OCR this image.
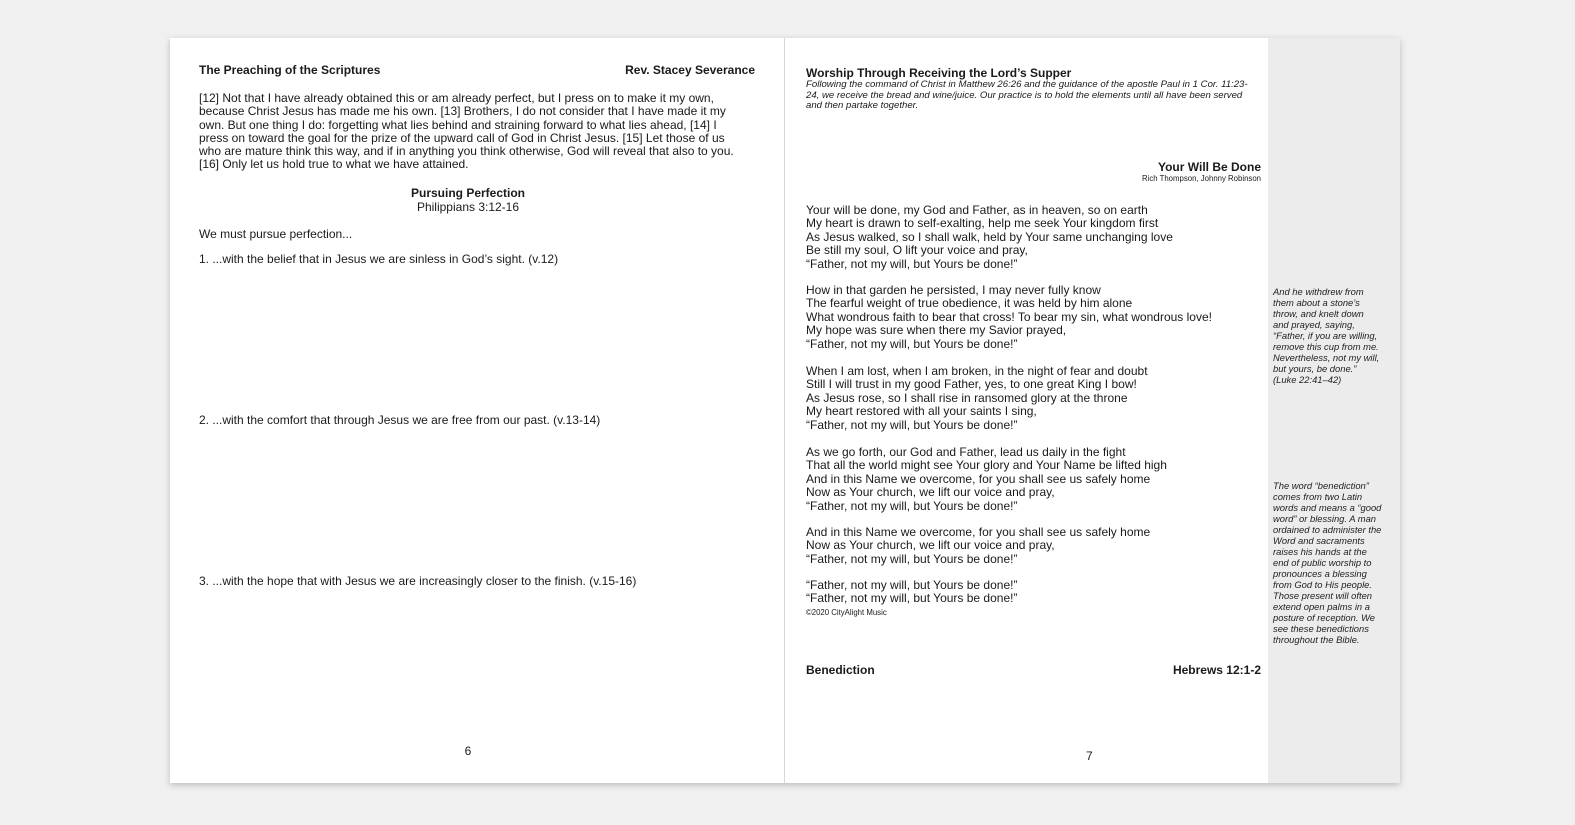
The Preaching of the Scriptures	Rev. Stacey Severance

[12] Not that I have already obtained this or am already perfect, but I press on to make it my own, because Christ Jesus has made me his own. [13] Brothers, I do not consider that I have made it my own. But one thing I do: forgetting what lies behind and straining forward to what lies ahead, [14] I press on toward the goal for the prize of the upward call of God in Christ Jesus. [15] Let those of us who are mature think this way, and if in anything you think otherwise, God will reveal that also to you. [16] Only let us hold true to what we have attained.

Pursuing Perfection

Philippians 3:12-16

We must pursue perfection...

1. ...with the belief that in Jesus we are sinless in God’s sight. (v.12)

2. ...with the comfort that through Jesus we are free from our past. (v.13-14)

3. ...with the hope that with Jesus we are increasingly closer to the finish. (v.15-16)

6

Worship Through Receiving the Lord’s Supper

Following the command of Christ in Matthew 26:26 and the guidance of the apostle Paul in 1 Cor. 11:23-24, we receive the bread and wine/juice. Our practice is to hold the elements until all have been served and then partake together.

Your Will Be Done

Rich Thompson, Johnny Robinson

Your will be done, my God and Father, as in heaven, so on earth
My heart is drawn to self-exalting, help me seek Your kingdom first
As Jesus walked, so I shall walk, held by Your same unchanging love
Be still my soul, O lift your voice and pray,
“Father, not my will, but Yours be done!”
How in that garden he persisted, I may never fully know
The fearful weight of true obedience, it was held by him alone
What wondrous faith to bear that cross! To bear my sin, what wondrous love!
My hope was sure when there my Savior prayed,
“Father, not my will, but Yours be done!”
When I am lost, when I am broken, in the night of fear and doubt
Still I will trust in my good Father, yes, to one great King I bow!
As Jesus rose, so I shall rise in ransomed glory at the throne
My heart restored with all your saints I sing,
“Father, not my will, but Yours be done!”
As we go forth, our God and Father, lead us daily in the fight
That all the world might see Your glory and Your Name be lifted high
And in this Name we overcome, for you shall see us safely home
Now as Your church, we lift our voice and pray,
“Father, not my will, but Yours be done!”
And in this Name we overcome, for you shall see us safely home
Now as Your church, we lift our voice and pray,
“Father, not my will, but Yours be done!”
“Father, not my will, but Yours be done!”
“Father, not my will, but Yours be done!”

©2020 CityAlight Music

Benediction	Hebrews 12:1-2

7

And he withdrew from them about a stone’s throw, and knelt down and prayed, saying, “Father, if you are willing, remove this cup from me. Nevertheless, not my will, but yours, be done.” (Luke 22:41–42)

The word “benediction” comes from two Latin words and means a “good word” or blessing. A man ordained to administer the Word and sacraments raises his hands at the end of public worship to pronounces a blessing from God to His people. Those present will often extend open palms in a posture of reception. We see these benedictions throughout the Bible.
